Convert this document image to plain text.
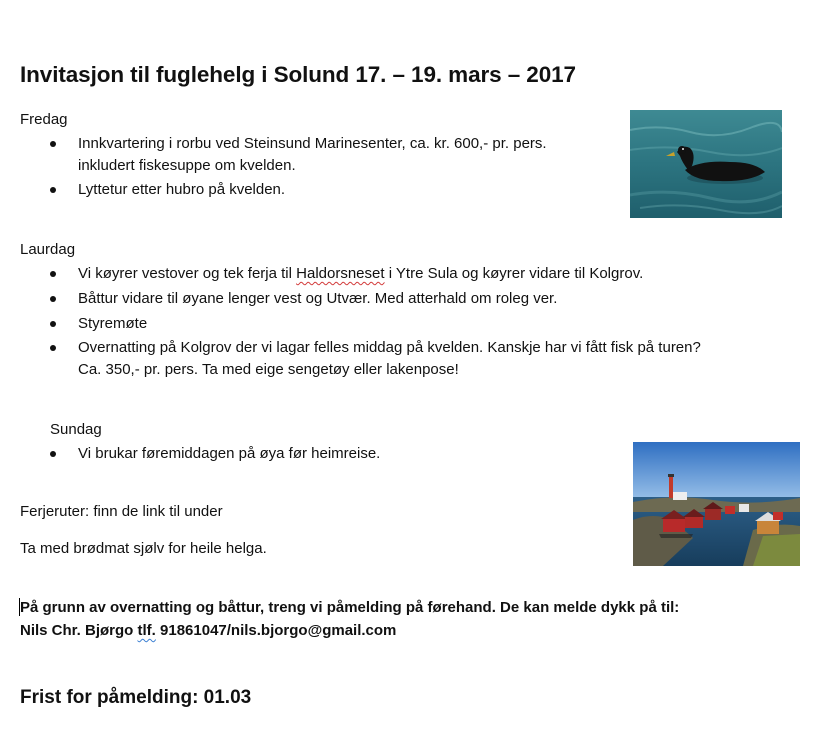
Invitasjon til fuglehelg i Solund 17. – 19. mars – 2017
Fredag
Innkvartering i rorbu ved Steinsund Marinesenter, ca. kr. 600,- pr. pers.
inkludert fiskesuppe om kvelden.
Lyttetur etter hubro på kvelden.
Laurdag
Vi køyrer vestover og tek ferja til Haldorsneset i Ytre Sula og køyrer vidare til Kolgrov.
Båttur vidare til øyane lenger vest og Utvær. Med atterhald om roleg ver.
Styremøte
Overnatting på Kolgrov der vi lagar felles middag på kvelden. Kanskje har vi fått fisk på turen?
Ca. 350,- pr. pers. Ta med eige sengetøy eller lakenpose!
Sundag
Vi brukar føremiddagen på øya før heimreise.
Ferjeruter: finn de link til under
Ta med brødmat sjølv for heile helga.
På grunn av overnatting og båttur, treng vi påmelding på førehand. De kan melde dykk på til:
Nils Chr. Bjørgo tlf. 91861047/nils.bjorgo@gmail.com
Frist for påmelding: 01.03
